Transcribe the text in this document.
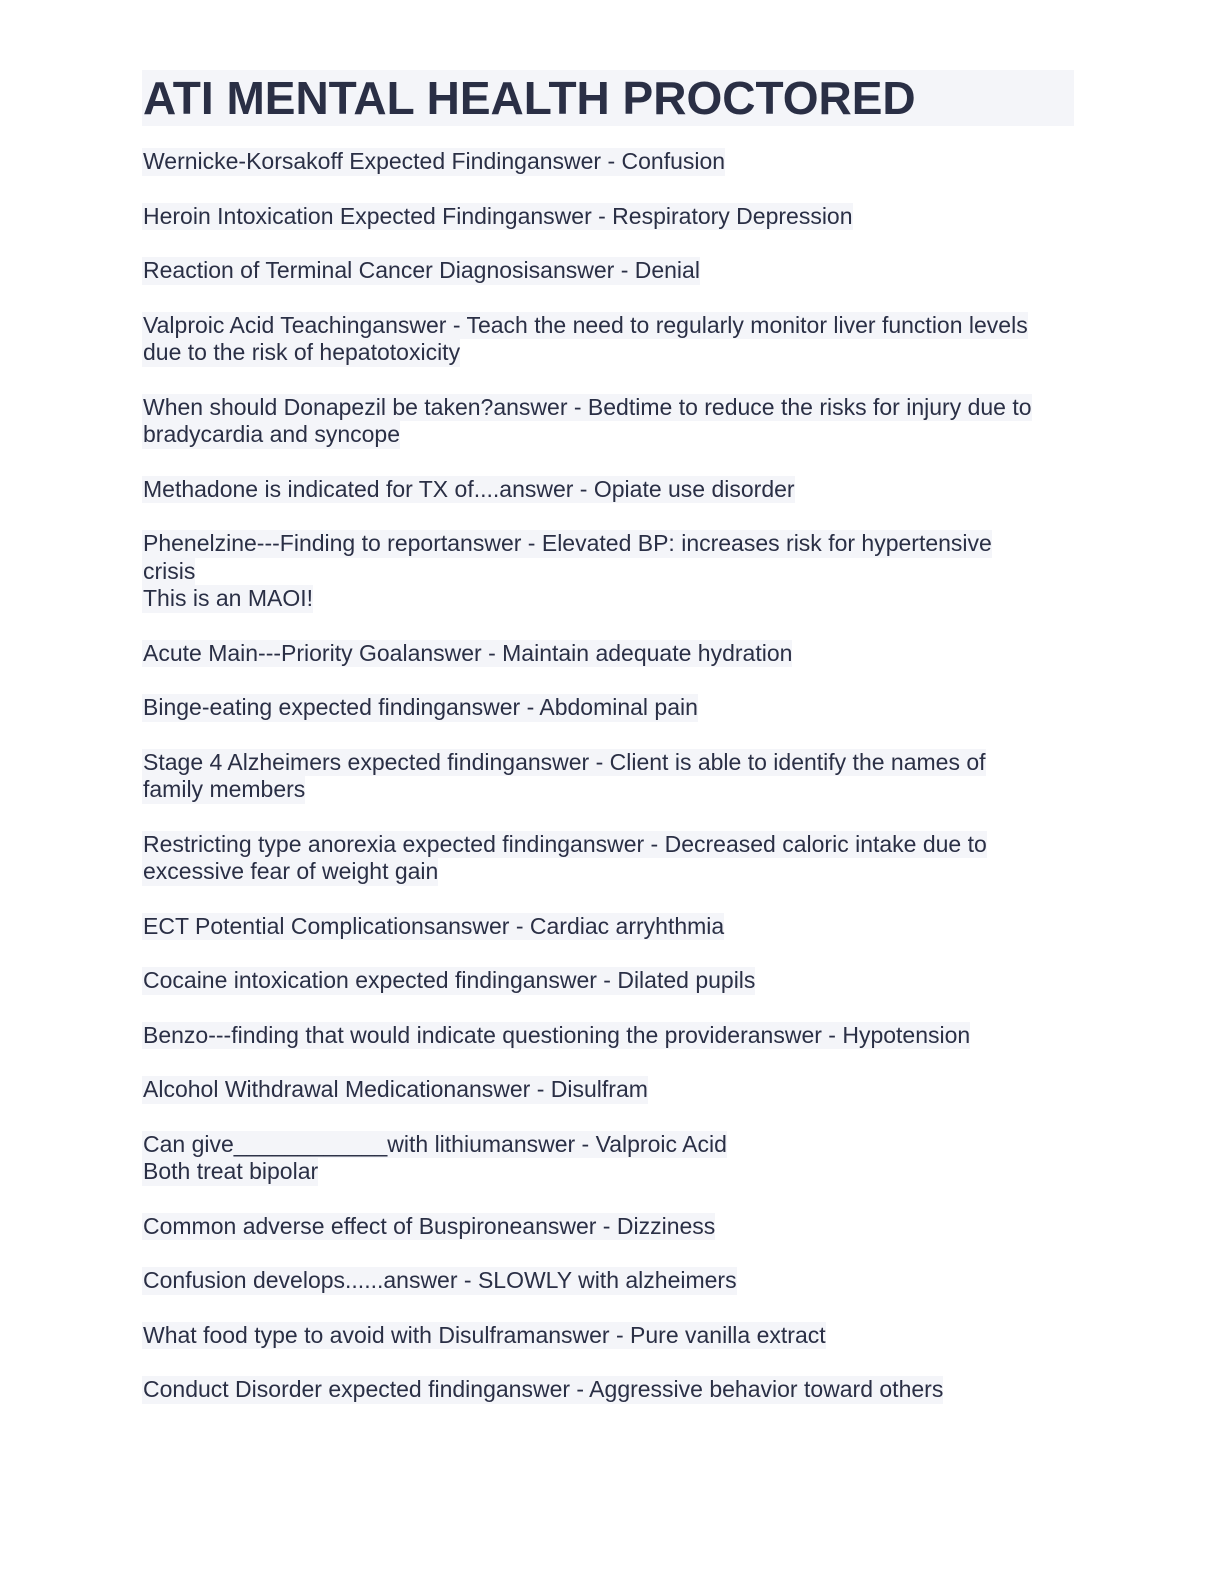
ATI MENTAL HEALTH PROCTORED
Wernicke-Korsakoff Expected Findinganswer - Confusion
Heroin Intoxication Expected Findinganswer - Respiratory Depression
Reaction of Terminal Cancer Diagnosisanswer - Denial
Valproic Acid Teachinganswer - Teach the need to regularly monitor liver function levels
due to the risk of hepatotoxicity
When should Donapezil be taken?answer - Bedtime to reduce the risks for injury due to
bradycardia and syncope
Methadone is indicated for TX of....answer - Opiate use disorder
Phenelzine---Finding to reportanswer - Elevated BP: increases risk for hypertensive
crisis
This is an MAOI!
Acute Main---Priority Goalanswer - Maintain adequate hydration
Binge-eating expected findinganswer - Abdominal pain
Stage 4 Alzheimers expected findinganswer - Client is able to identify the names of
family members
Restricting type anorexia expected findinganswer - Decreased caloric intake due to
excessive fear of weight gain
ECT Potential Complicationsanswer - Cardiac arryhthmia
Cocaine intoxication expected findinganswer - Dilated pupils
Benzo---finding that would indicate questioning the provideranswer - Hypotension
Alcohol Withdrawal Medicationanswer - Disulfram
Can give____________with lithiumanswer - Valproic Acid
Both treat bipolar
Common adverse effect of Buspironeanswer - Dizziness
Confusion develops......answer - SLOWLY with alzheimers
What food type to avoid with Disulframanswer - Pure vanilla extract
Conduct Disorder expected findinganswer - Aggressive behavior toward others
